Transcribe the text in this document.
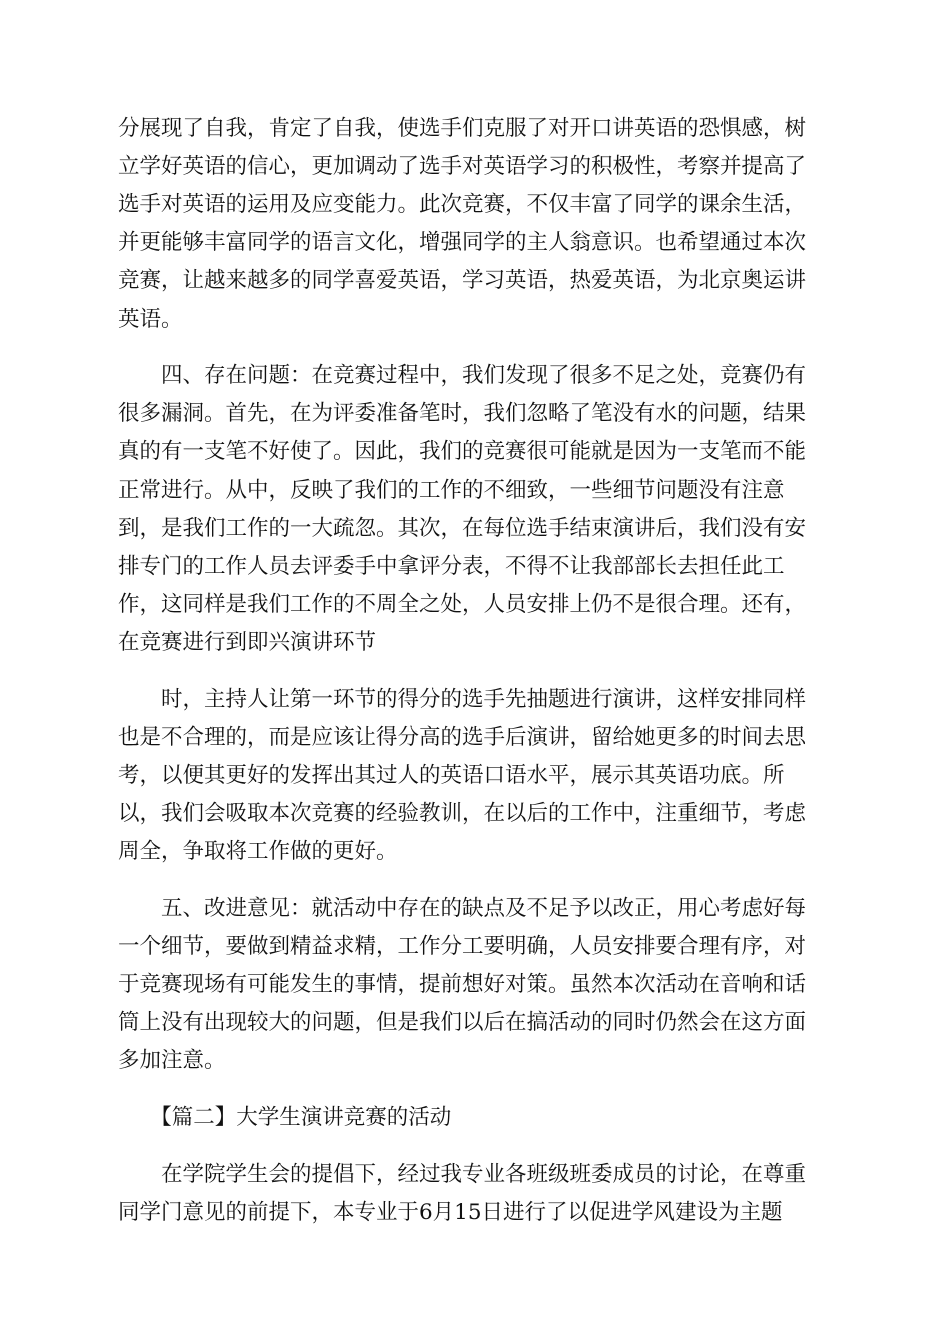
分展现了自我，肯定了自我，使选手们克服了对开口讲英语的恐惧感，树

立学好英语的信心，更加调动了选手对英语学习的积极性，考察并提高了

选手对英语的运用及应变能力。此次竞赛，不仅丰富了同学的课余生活，

并更能够丰富同学的语言文化，增强同学的主人翁意识。也希望通过本次

竞赛，让越来越多的同学喜爱英语，学习英语，热爱英语，为北京奥运讲

英语。

　　四、存在问题：在竞赛过程中，我们发现了很多不足之处，竞赛仍有

很多漏洞。首先，在为评委准备笔时，我们忽略了笔没有水的问题，结果

真的有一支笔不好使了。因此，我们的竞赛很可能就是因为一支笔而不能

正常进行。从中，反映了我们的工作的不细致，一些细节问题没有注意

到，是我们工作的一大疏忽。其次，在每位选手结束演讲后，我们没有安

排专门的工作人员去评委手中拿评分表，不得不让我部部长去担任此工

作，这同样是我们工作的不周全之处，人员安排上仍不是很合理。还有，

在竞赛进行到即兴演讲环节

　　时，主持人让第一环节的得分的选手先抽题进行演讲，这样安排同样

也是不合理的，而是应该让得分高的选手后演讲，留给她更多的时间去思

考，以便其更好的发挥出其过人的英语口语水平，展示其英语功底。所

以，我们会吸取本次竞赛的经验教训，在以后的工作中，注重细节，考虑

周全，争取将工作做的更好。

　　五、改进意见：就活动中存在的缺点及不足予以改正，用心考虑好每

一个细节，要做到精益求精，工作分工要明确，人员安排要合理有序，对

于竞赛现场有可能发生的事情，提前想好对策。虽然本次活动在音响和话

筒上没有出现较大的问题，但是我们以后在搞活动的同时仍然会在这方面

多加注意。

　　【篇二】大学生演讲竞赛的活动

　　在学院学生会的提倡下，经过我专业各班级班委成员的讨论，在尊重

同学门意见的前提下，本专业于6月15日进行了以促进学风建设为主题
